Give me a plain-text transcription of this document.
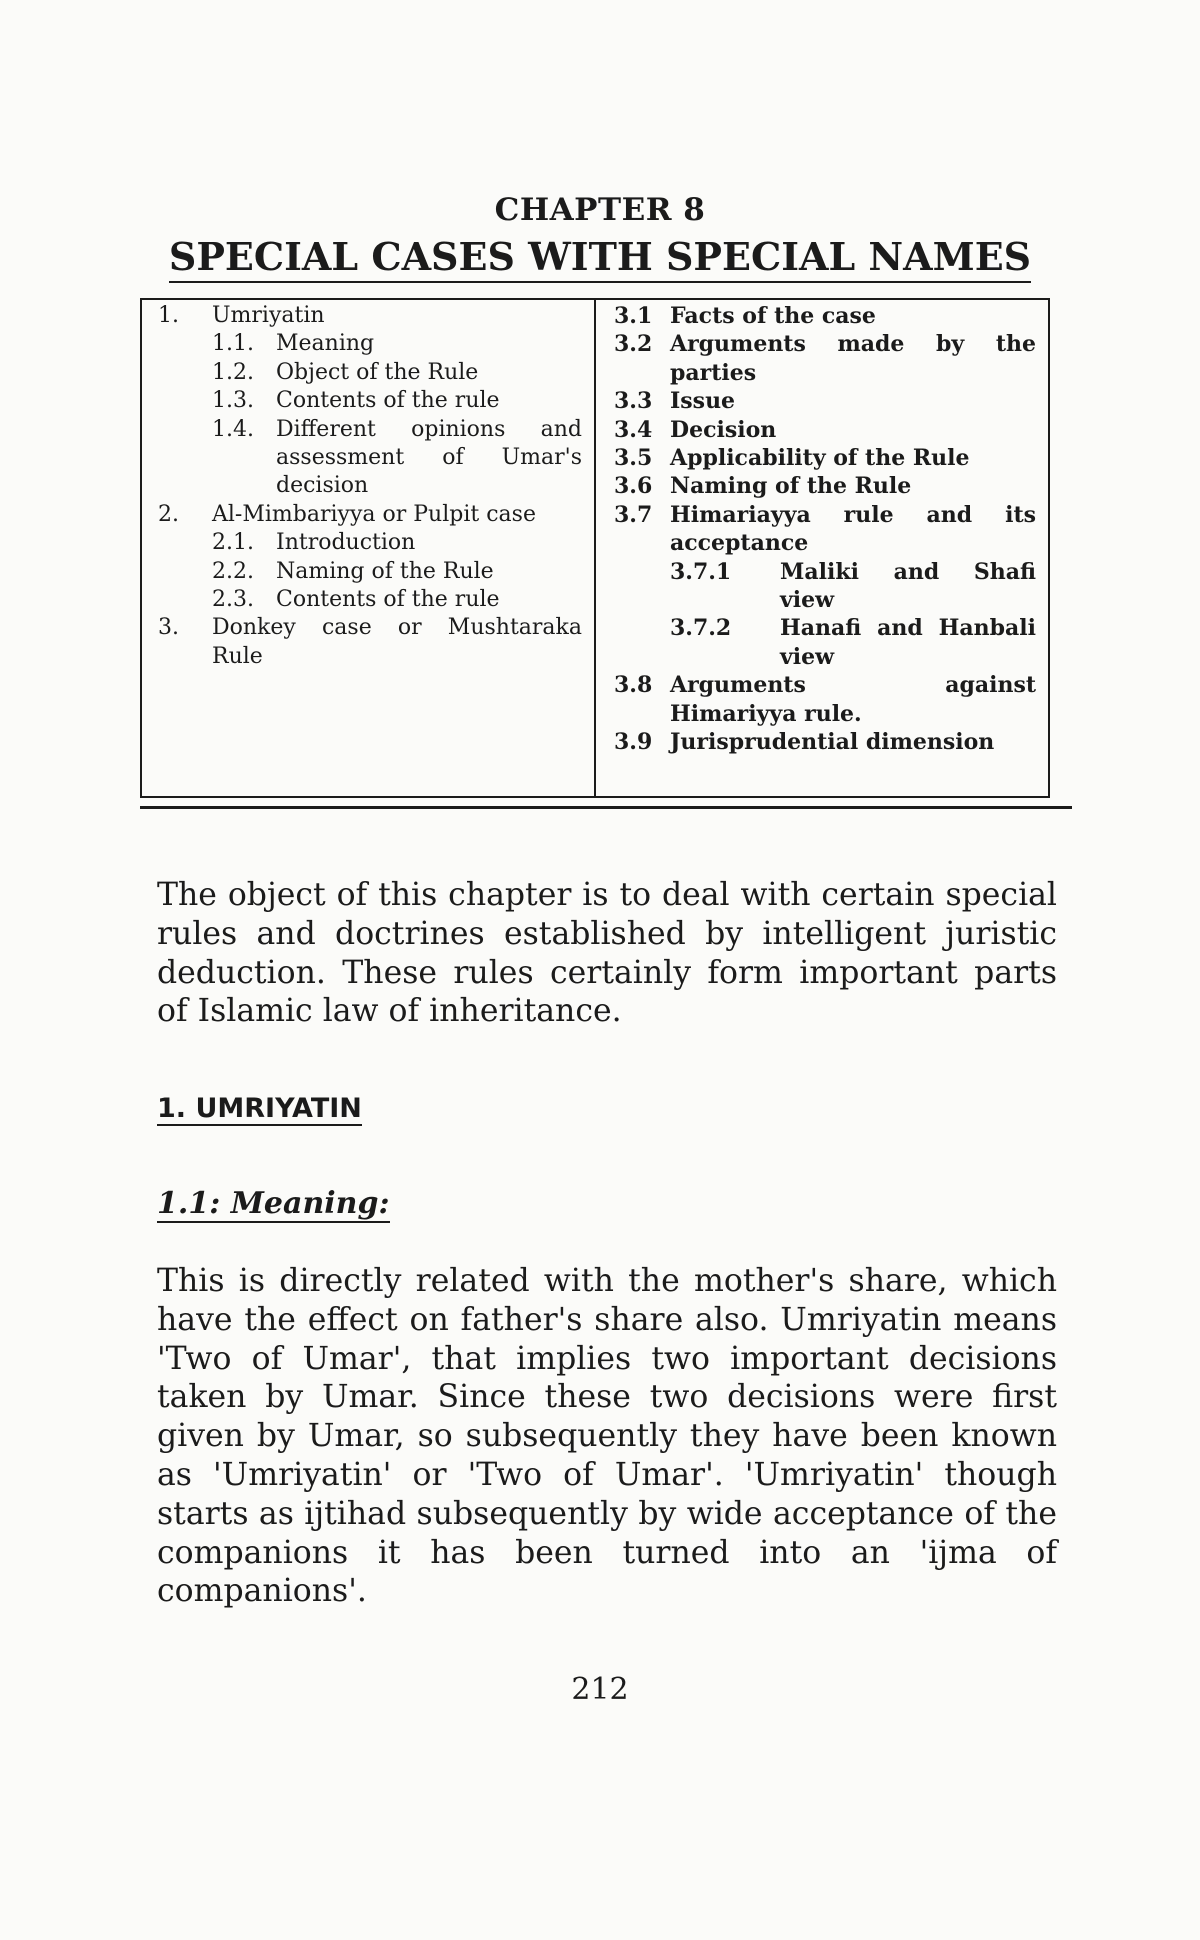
CHAPTER 8
SPECIAL CASES WITH SPECIAL NAMES
1.	Umriyatin
1.1.	Meaning
1.2.	Object of the Rule
1.3.	Contents of the rule
1.4.	Different opinions and assessment of Umar's decision
2.	Al-Mimbariyya or Pulpit case
2.1.	Introduction
2.2.	Naming of the Rule
2.3.	Contents of the rule
3.	Donkey case or Mushtaraka Rule
3.1 Facts of the case
3.2 Arguments made by the parties
3.3 Issue
3.4 Decision
3.5 Applicability of the Rule
3.6 Naming of the Rule
3.7 Himariayya rule and its acceptance
3.7.1	Maliki and Shafi view
3.7.2	Hanafi and Hanbali view
3.8 Arguments against Himariyya rule.
3.9 Jurisprudential dimension
The object of this chapter is to deal with certain special rules and doctrines established by intelligent juristic deduction. These rules certainly form important parts of Islamic law of inheritance.
1. UMRIYATIN
1.1: Meaning:
This is directly related with the mother's share, which have the effect on father's share also. Umriyatin means 'Two of Umar', that implies two important decisions taken by Umar. Since these two decisions were first given by Umar, so subsequently they have been known as 'Umriyatin' or 'Two of Umar'. 'Umriyatin' though starts as ijtihad subsequently by wide acceptance of the companions it has been turned into an 'ijma of companions'.
212
